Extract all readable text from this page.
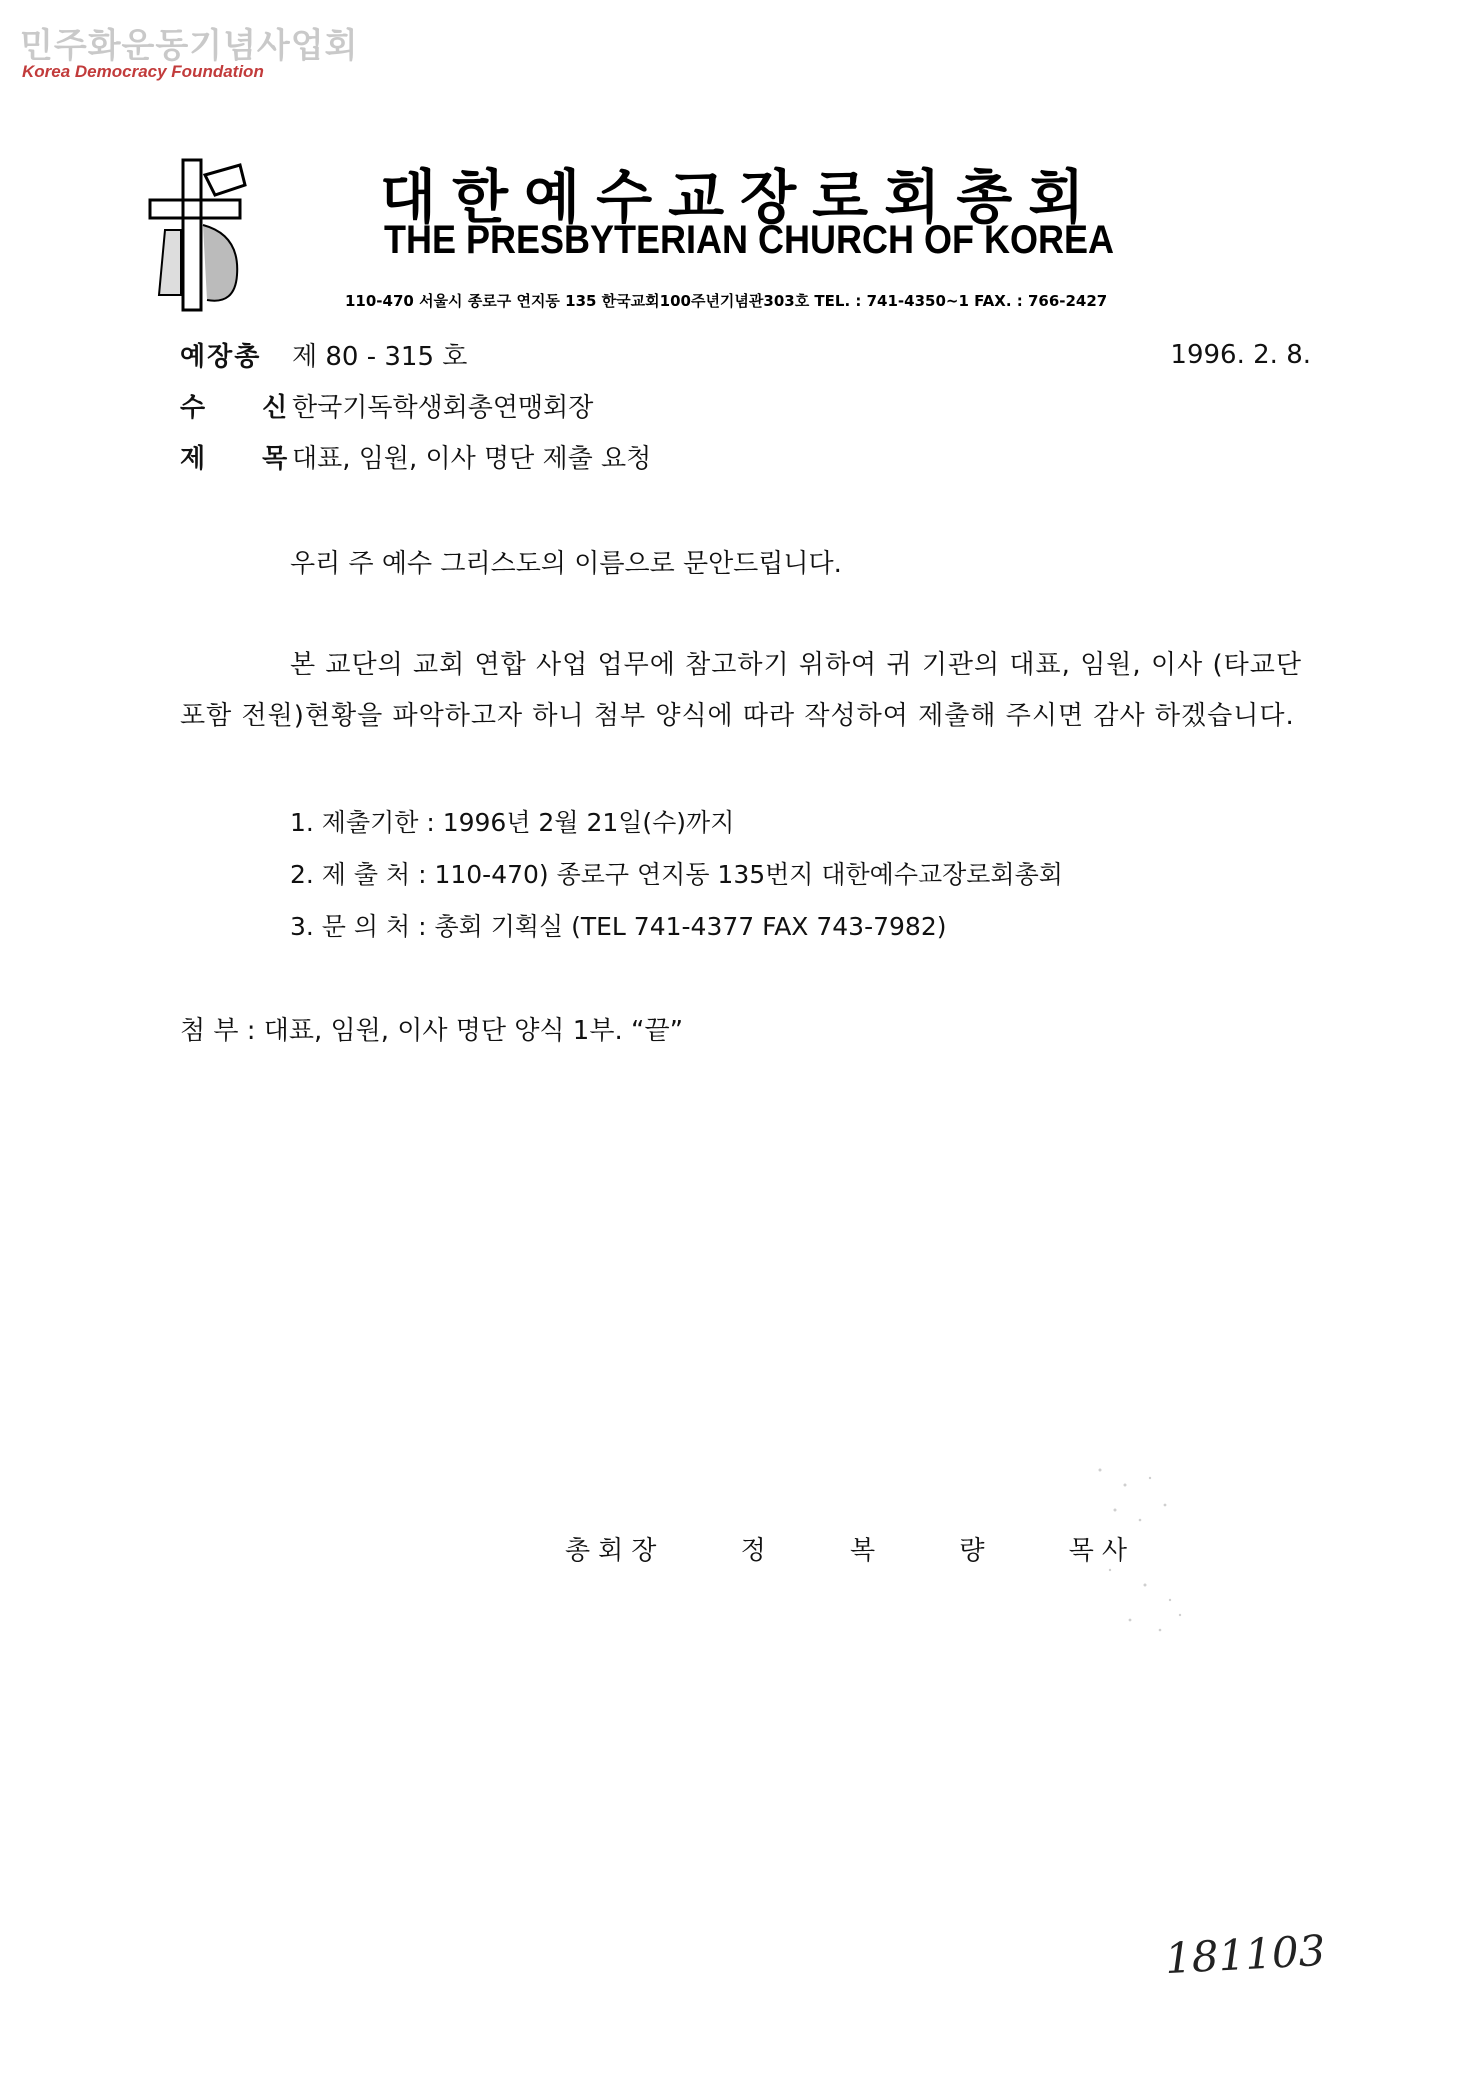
민주화운동기념사업회
Korea Democracy Foundation
대한예수교장로회총회
THE PRESBYTERIAN CHURCH OF KOREA
110-470 서울시 종로구 연지동 135 한국교회100주년기념관303호 TEL. : 741-4350~1 FAX. : 766-2427
예장총	제 80 - 315 호	1996. 2. 8.
수 신
한국기독학생회총연맹회장
제 목
대표, 임원, 이사 명단 제출 요청
우리 주 예수 그리스도의 이름으로 문안드립니다.
본 교단의 교회 연합 사업 업무에 참고하기 위하여 귀 기관의 대표, 임원, 이사 (타교단포함 전원)현황을 파악하고자 하니 첨부 양식에 따라 작성하여 제출해 주시면 감사 하겠습니다.
1. 제출기한 : 1996년 2월 21일(수)까지
2. 제 출 처 : 110-470) 종로구 연지동 135번지 대한예수교장로회총회
3. 문 의 처 : 총회 기획실 (TEL 741-4377 FAX 743-7982)
첨 부 : 대표, 임원, 이사 명단 양식 1부. “끝”
총회장	정	복	량	목사
181103
